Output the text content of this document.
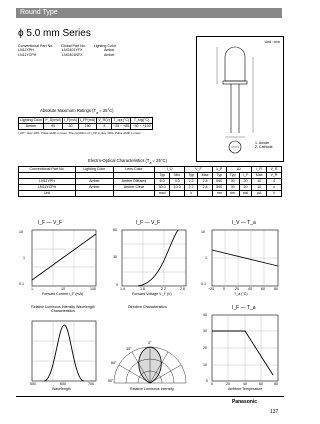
Round Type
ϕ 5.0 mm Series
Conventional Part No. Global Part No. Lighting Color
LN11YPH	LNG401YFX	Amber
LN11YCPH	LNG401NFX	Amber
Unit : mm
1. Anode
2. Cathode
Absolute Maximum Ratings $(T_a = 25^\circ C)$
Lighting Color	P_D(mW)	I_F(mA)	I_FP(mA)	V_R(V)	T_opr(°C)	T_stg(°C)
Amber	90	30	150	4	−25 ~ +85	−30 ~ +100
I_FP : duty 10%. Pulse width 1 msec. The condition of I_FP is duty 10%, Pulse width 1 msec.
Electro-Optical Characteristics $(T_a = 25^\circ C)$
Conventional Part No.	Lighting Color	Lens Color	I_O		V_F		λ_P	Δλ		I_R	V_R
			Typ	Min	Typ	Max	Typ	Typ	I_F	Max	V_R
LN11YPH	Amber	Amber Diffused	8.0	3.0	2.2	2.8	590	30	20	10	4
LN11YCPH	Amber	Amber Clear	30.0	10.0	2.2	2.8	590	30	20	10	4
Unit			mcd		V		nm	nm	mA	μA	V
I_F — V_F
10
1
0.1
1	10	100
Forward Current I_F (mA)
I_F — V_F
60
30
0
1.4	1.8	2.2	2.6
Forward Voltage V_F (V)
I_V — T_a
10
1
0.1
−20 0	20	40	60	80
T_a (°C)
Relative Luminous Intensity Wavelength Characteristics
500	600	700
Wavelength
Directive Characteristics
0°
30°
60°
90°
Relative Luminous Intensity
I_F — T_a
40
30
20
10
0
0	20	40	60	80
Ambient Temperature
Panasonic
137
